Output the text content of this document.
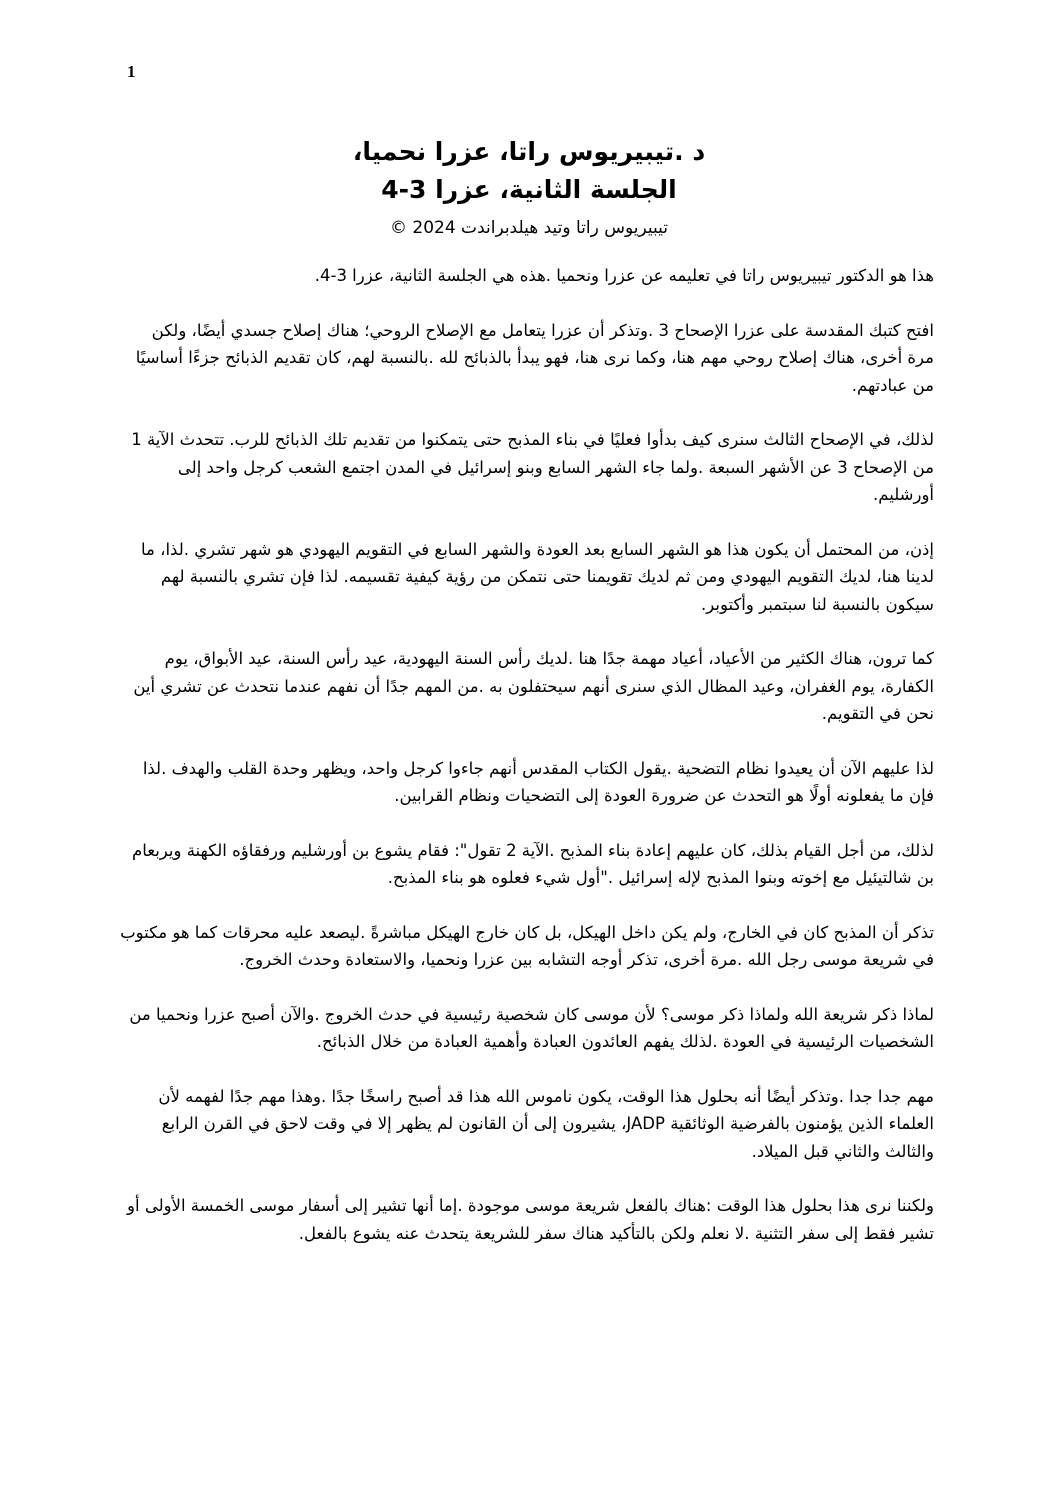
1

د .تيبيريوس راتا، عزرا نحميا،

الجلسة الثانية، عزرا 3-4

تيبيريوس راتا وتيد هيلدبراندت 2024 ©

هذا هو الدكتور تيبيريوس راتا في تعليمه عن عزرا ونحميا .هذه هي الجلسة الثانية، عزرا 3-4.

افتح كتبك المقدسة على عزرا الإصحاح 3 .وتذكر أن عزرا يتعامل مع الإصلاح الروحي؛ هناك إصلاح جسدي أيضًا، ولكن مرة أخرى، هناك إصلاح روحي مهم هنا، وكما نرى هنا، فهو يبدأ بالذبائح لله .بالنسبة لهم، كان تقديم الذبائح جزءًا أساسيًا من عبادتهم.

لذلك، في الإصحاح الثالث سنرى كيف بدأوا فعليًا في بناء المذبح حتى يتمكنوا من تقديم تلك الذبائح للرب. تتحدث الآية 1 من الإصحاح 3 عن الأشهر السبعة .ولما جاء الشهر السابع وبنو إسرائيل في المدن اجتمع الشعب كرجل واحد إلى أورشليم.

إذن، من المحتمل أن يكون هذا هو الشهر السابع بعد العودة والشهر السابع في التقويم اليهودي هو شهر تشري .لذا، ما لدينا هنا، لديك التقويم اليهودي ومن ثم لديك تقويمنا حتى نتمكن من رؤية كيفية تقسيمه. لذا فإن تشري بالنسبة لهم سيكون بالنسبة لنا سبتمبر وأكتوبر.

كما ترون، هناك الكثير من الأعياد، أعياد مهمة جدًا هنا .لديك رأس السنة اليهودية، عيد رأس السنة، عيد الأبواق، يوم الكفارة، يوم الغفران، وعيد المظال الذي سنرى أنهم سيحتفلون به .من المهم جدًا أن نفهم عندما نتحدث عن تشري أين نحن في التقويم.

لذا عليهم الآن أن يعيدوا نظام التضحية .يقول الكتاب المقدس أنهم جاءوا كرجل واحد، ويظهر وحدة القلب والهدف .لذا فإن ما يفعلونه أولًا هو التحدث عن ضرورة العودة إلى التضحيات ونظام القرابين.

لذلك، من أجل القيام بذلك، كان عليهم إعادة بناء المذبح .الآية 2 تقول": فقام يشوع بن أورشليم ورفقاؤه الكهنة ويربعام بن شالتيئيل مع إخوته وبنوا المذبح لإله إسرائيل ."أول شيء فعلوه هو بناء المذبح.

تذكر أن المذبح كان في الخارج، ولم يكن داخل الهيكل، بل كان خارج الهيكل مباشرةً .ليصعد عليه محرقات كما هو مكتوب في شريعة موسى رجل الله .مرة أخرى، تذكر أوجه التشابه بين عزرا ونحميا، والاستعادة وحدث الخروج.

لماذا ذكر شريعة الله ولماذا ذكر موسى؟ لأن موسى كان شخصية رئيسية في حدث الخروج .والآن أصبح عزرا ونحميا من الشخصيات الرئيسية في العودة .لذلك يفهم العائدون العبادة وأهمية العبادة من خلال الذبائح.

مهم جدا جدا .وتذكر أيضًا أنه بحلول هذا الوقت، يكون ناموس الله هذا قد أصبح راسخًا جدًا .وهذا مهم جدًا لفهمه لأن العلماء الذين يؤمنون بالفرضية الوثائقية JADP، يشيرون إلى أن القانون لم يظهر إلا في وقت لاحق في القرن الرابع والثالث والثاني قبل الميلاد.

ولكننا نرى هذا بحلول هذا الوقت :هناك بالفعل شريعة موسى موجودة .إما أنها تشير إلى أسفار موسى الخمسة الأولى أو تشير فقط إلى سفر التثنية .لا نعلم ولكن بالتأكيد هناك سفر للشريعة يتحدث عنه يشوع بالفعل.
